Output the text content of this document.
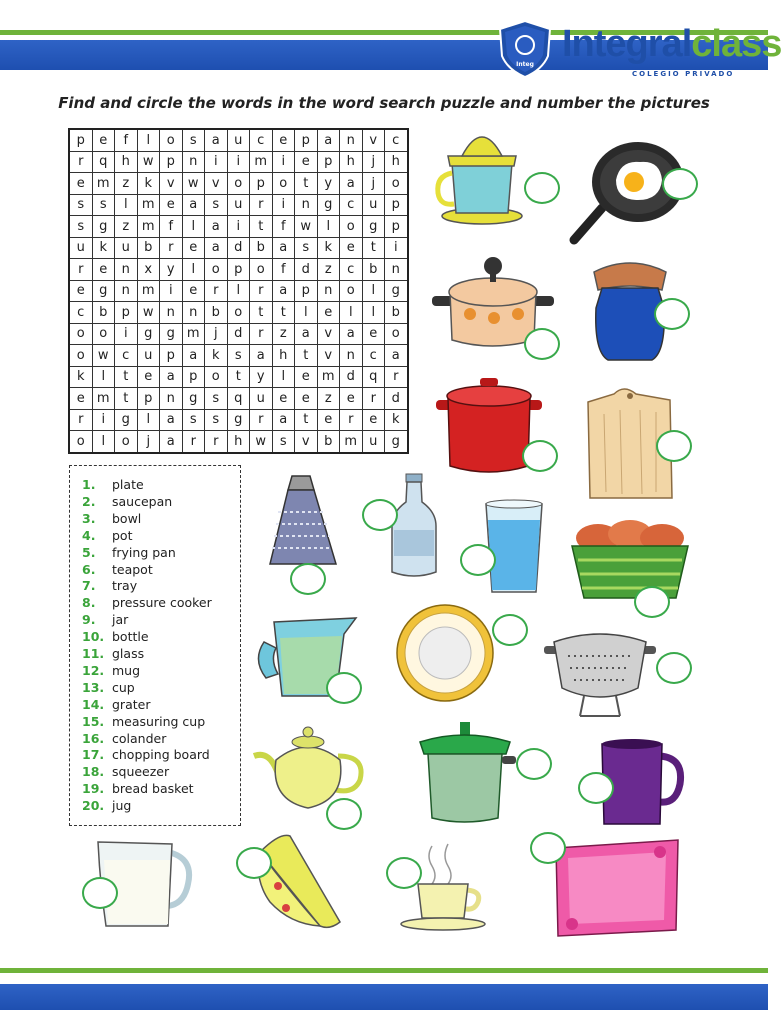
Integ Integralclass
COLEGIO PRIVADO
Find and circle the words in the word search puzzle and number the pictures
p	e	f	l	o	s	a	u	c	e	p	a	n	v	c
r	q	h	w	p	n	i	i	m	i	e	p	h	j	h
e	m	z	k	v	w	v	o	p	o	t	y	a	j	o
s	s	l	m	e	a	s	u	r	i	n	g	c	u	p
s	g	z	m	f	l	a	i	t	f	w	l	o	g	p
u	k	u	b	r	e	a	d	b	a	s	k	e	t	i
r	e	n	x	y	l	o	p	o	f	d	z	c	b	n
e	g	n	m	i	e	r	l	r	a	p	n	o	l	g
c	b	p	w	n	n	b	o	t	t	l	e	l	l	b
o	o	i	g	g	m	j	d	r	z	a	v	a	e	o
o	w	c	u	p	a	k	s	a	h	t	v	n	c	a
k	l	t	e	a	p	o	t	y	l	e	m	d	q	r
e	m	t	p	n	g	s	q	u	e	e	z	e	r	d
r	i	g	l	a	s	s	g	r	a	t	e	r	e	k
o	l	o	j	a	r	r	h	w	s	v	b	m	u	g
1.	plate
2.	saucepan
3.	bowl
4.	pot
5.	frying pan
6.	teapot
7.	tray
8.	pressure cooker
9.	jar
10. bottle
11. glass
12. mug
13. cup
14. grater
15. measuring cup
16. colander
17. chopping board
18. squeezer
19. bread basket
20. jug
